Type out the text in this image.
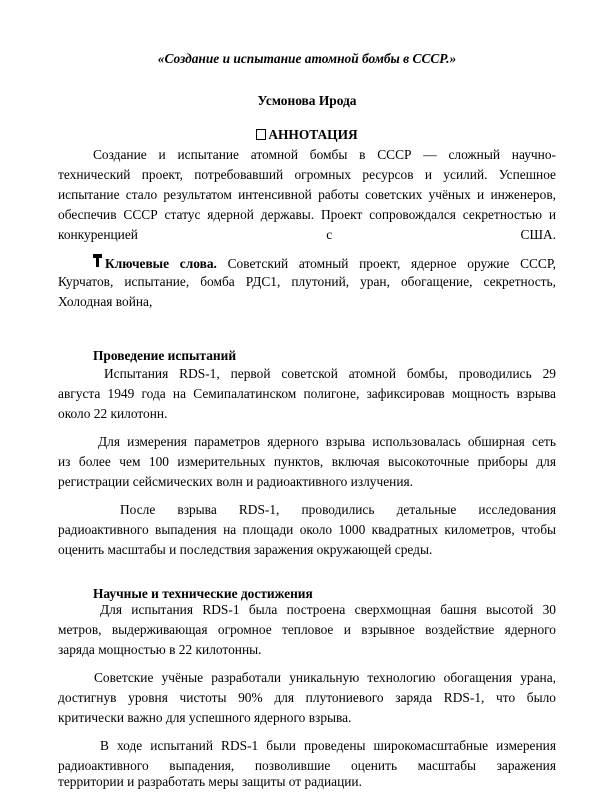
«Создание и испытание атомной бомбы в СССР.»
Усмонова Ирода
АННОТАЦИЯ
Создание и испытание атомной бомбы в СССР — сложный научно-
технический проект, потребовавший огромных ресурсов и усилий. Успешное
испытание стало результатом интенсивной работы советских учёных и инженеров,
обеспечив СССР статус ядерной державы. Проект сопровождался секретностью и
конкуренцией	с	США.
Ключевые слова. Советский атомный проект, ядерное оружие СССР,
Курчатов, испытание, бомба РДС1, плутоний, уран, обогащение, секретность,
Холодная война,
Проведение испытаний
Испытания RDS-1, первой советской атомной бомбы, проводились 29
августа 1949 года на Семипалатинском полигоне, зафиксировав мощность взрыва
около 22 килотонн.
Для измерения параметров ядерного взрыва использовалась обширная сеть
из более чем 100 измерительных пунктов, включая высокоточные приборы для
регистрации сейсмических волн и радиоактивного излучения.
После взрыва RDS-1, проводились детальные исследования
радиоактивного выпадения на площади около 1000 квадратных километров, чтобы
оценить масштабы и последствия заражения окружающей среды.
Научные и технические достижения
Для испытания RDS-1 была построена сверхмощная башня высотой 30
метров, выдерживающая огромное тепловое и взрывное воздействие ядерного
заряда мощностью в 22 килотонны.
Советские учёные разработали уникальную технологию обогащения урана,
достигнув уровня чистоты 90% для плутониевого заряда RDS-1, что было
критически важно для успешного ядерного взрыва.
В ходе испытаний RDS-1 были проведены широкомасштабные измерения
радиоактивного выпадения, позволившие оценить масштабы заражения
территории и разработать меры защиты от радиации.
